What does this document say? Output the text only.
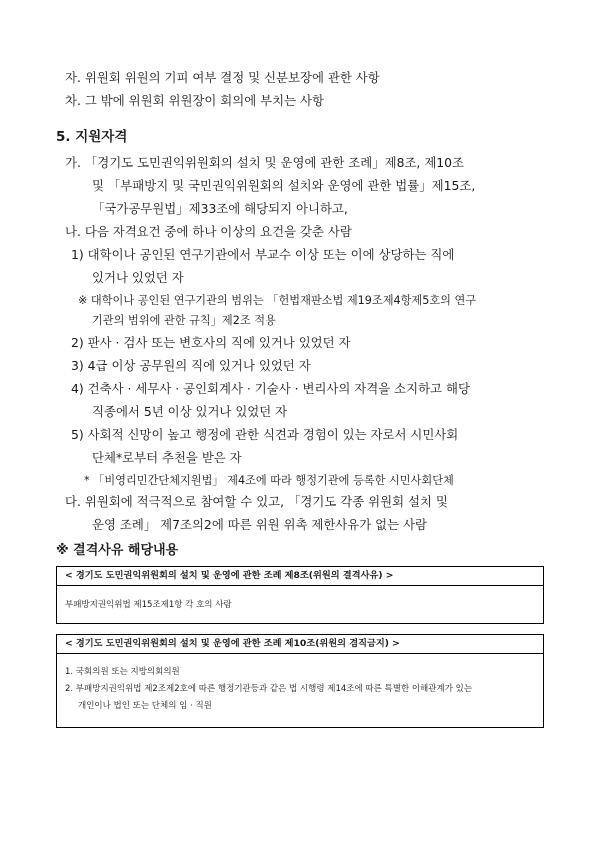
자. 위원회 위원의 기피 여부 결정 및 신분보장에 관한 사항
차. 그 밖에 위원회 위원장이 회의에 부치는 사항
5. 지원자격
가. 「경기도 도민권익위원회의 설치 및 운영에 관한 조례」제8조, 제10조
및 「부패방지 및 국민권익위원회의 설치와 운영에 관한 법률」제15조,
「국가공무원법」제33조에 해당되지 아니하고,
나. 다음 자격요건 중에 하나 이상의 요건을 갖춘 사람
1) 대학이나 공인된 연구기관에서 부교수 이상 또는 이에 상당하는 직에
있거나 있었던 자
※ 대학이나 공인된 연구기관의 범위는 「헌법재판소법 제19조제4항제5호의 연구
기관의 범위에 관한 규칙」제2조 적용
2) 판사 · 검사 또는 변호사의 직에 있거나 있었던 자
3) 4급 이상 공무원의 직에 있거나 있었던 자
4) 건축사 · 세무사 · 공인회계사 · 기술사 · 변리사의 자격을 소지하고 해당
직종에서 5년 이상 있거나 있었던 자
5) 사회적 신망이 높고 행정에 관한 식견과 경험이 있는 자로서 시민사회
단체*로부터 추천을 받은 자
* 「비영리민간단체지원법」 제4조에 따라 행정기관에 등록한 시민사회단체
다. 위원회에 적극적으로 참여할 수 있고, 「경기도 각종 위원회 설치 및
운영 조례」 제7조의2에 따른 위원 위촉 제한사유가 없는 사람
※ 결격사유 해당내용
< 경기도 도민권익위원회의 설치 및 운영에 관한 조례 제8조(위원의 결격사유) >
부패방지권익위법 제15조제1항 각 호의 사람
< 경기도 도민권익위원회의 설치 및 운영에 관한 조례 제10조(위원의 겸직금지) >
1. 국회의원 또는 지방의회의원
2. 부패방지권익위법 제2조제2호에 따른 행정기관등과 같은 법 시행령 제14조에 따른 특별한 이해관계가 있는
개인이나 법인 또는 단체의 임 · 직원
